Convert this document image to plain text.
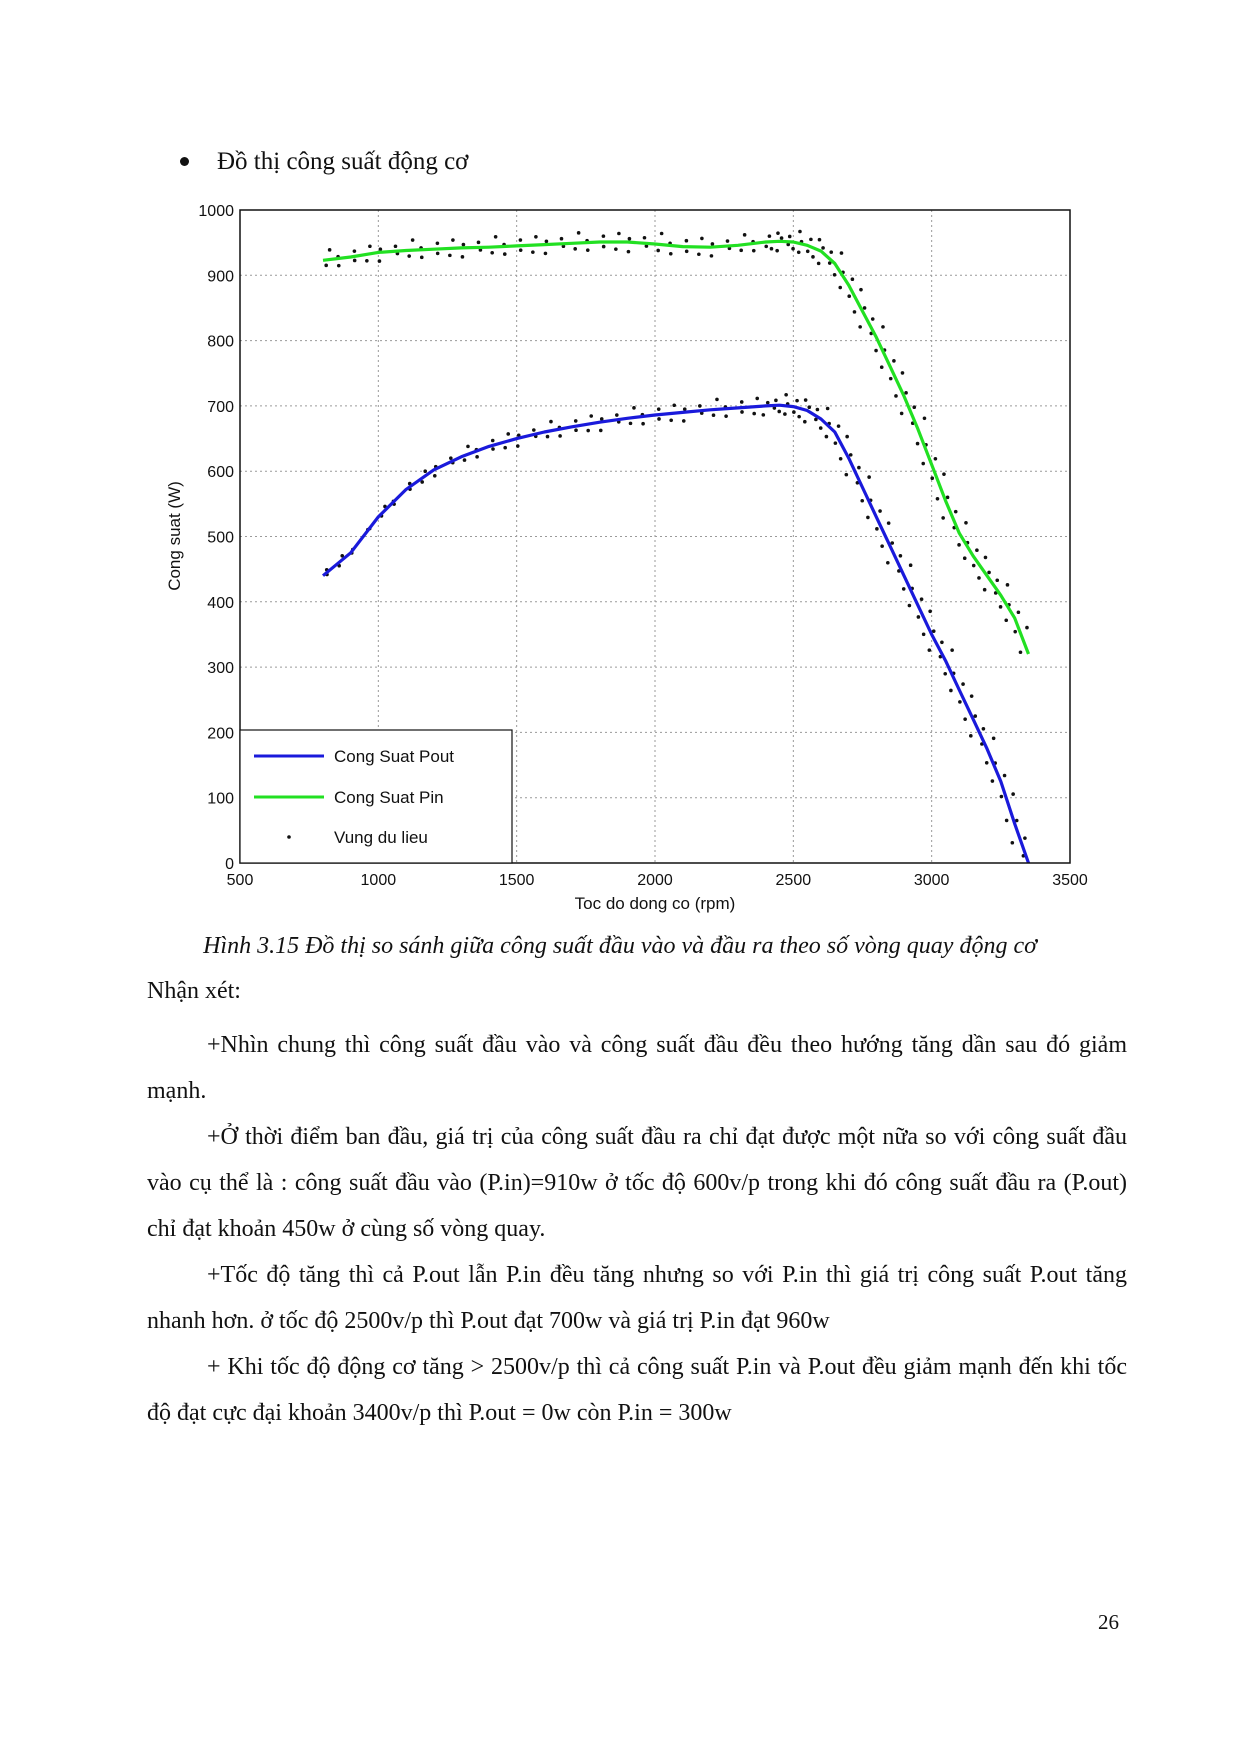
Đồ thị công suất động cơ
500	1000	1500	2000	2500	3000	3500
0
100
200
300
400
500
600
700
800
900
1000
Toc do dong co (rpm)
Cong suat (W)
Cong Suat Pout
Cong Suat Pin
Vung du lieu
Hình 3.15 Đồ thị so sánh giữa công suất đầu vào và đầu ra theo số vòng quay động cơ
Nhận xét:
+Nhìn chung thì công suất đầu vào và công suất đầu đều theo hướng tăng dần sau đó giảm mạnh.
+Ở thời điểm ban đầu, giá trị của công suất đầu ra chỉ đạt được một nữa so với công suất đầu vào cụ thể là : công suất đầu vào (P.in)=910w ở tốc độ 600v/p trong khi đó công suất đầu ra (P.out) chỉ đạt khoản 450w ở cùng số vòng quay.
+Tốc độ tăng thì cả P.out lẫn P.in đều tăng nhưng so với P.in thì giá trị công suất P.out tăng nhanh hơn. ở tốc độ 2500v/p thì P.out đạt 700w và giá trị P.in đạt 960w
+ Khi tốc độ động cơ tăng > 2500v/p thì cả công suất P.in và P.out đều giảm mạnh đến khi tốc độ đạt cực đại khoản 3400v/p thì P.out = 0w còn P.in = 300w
26
